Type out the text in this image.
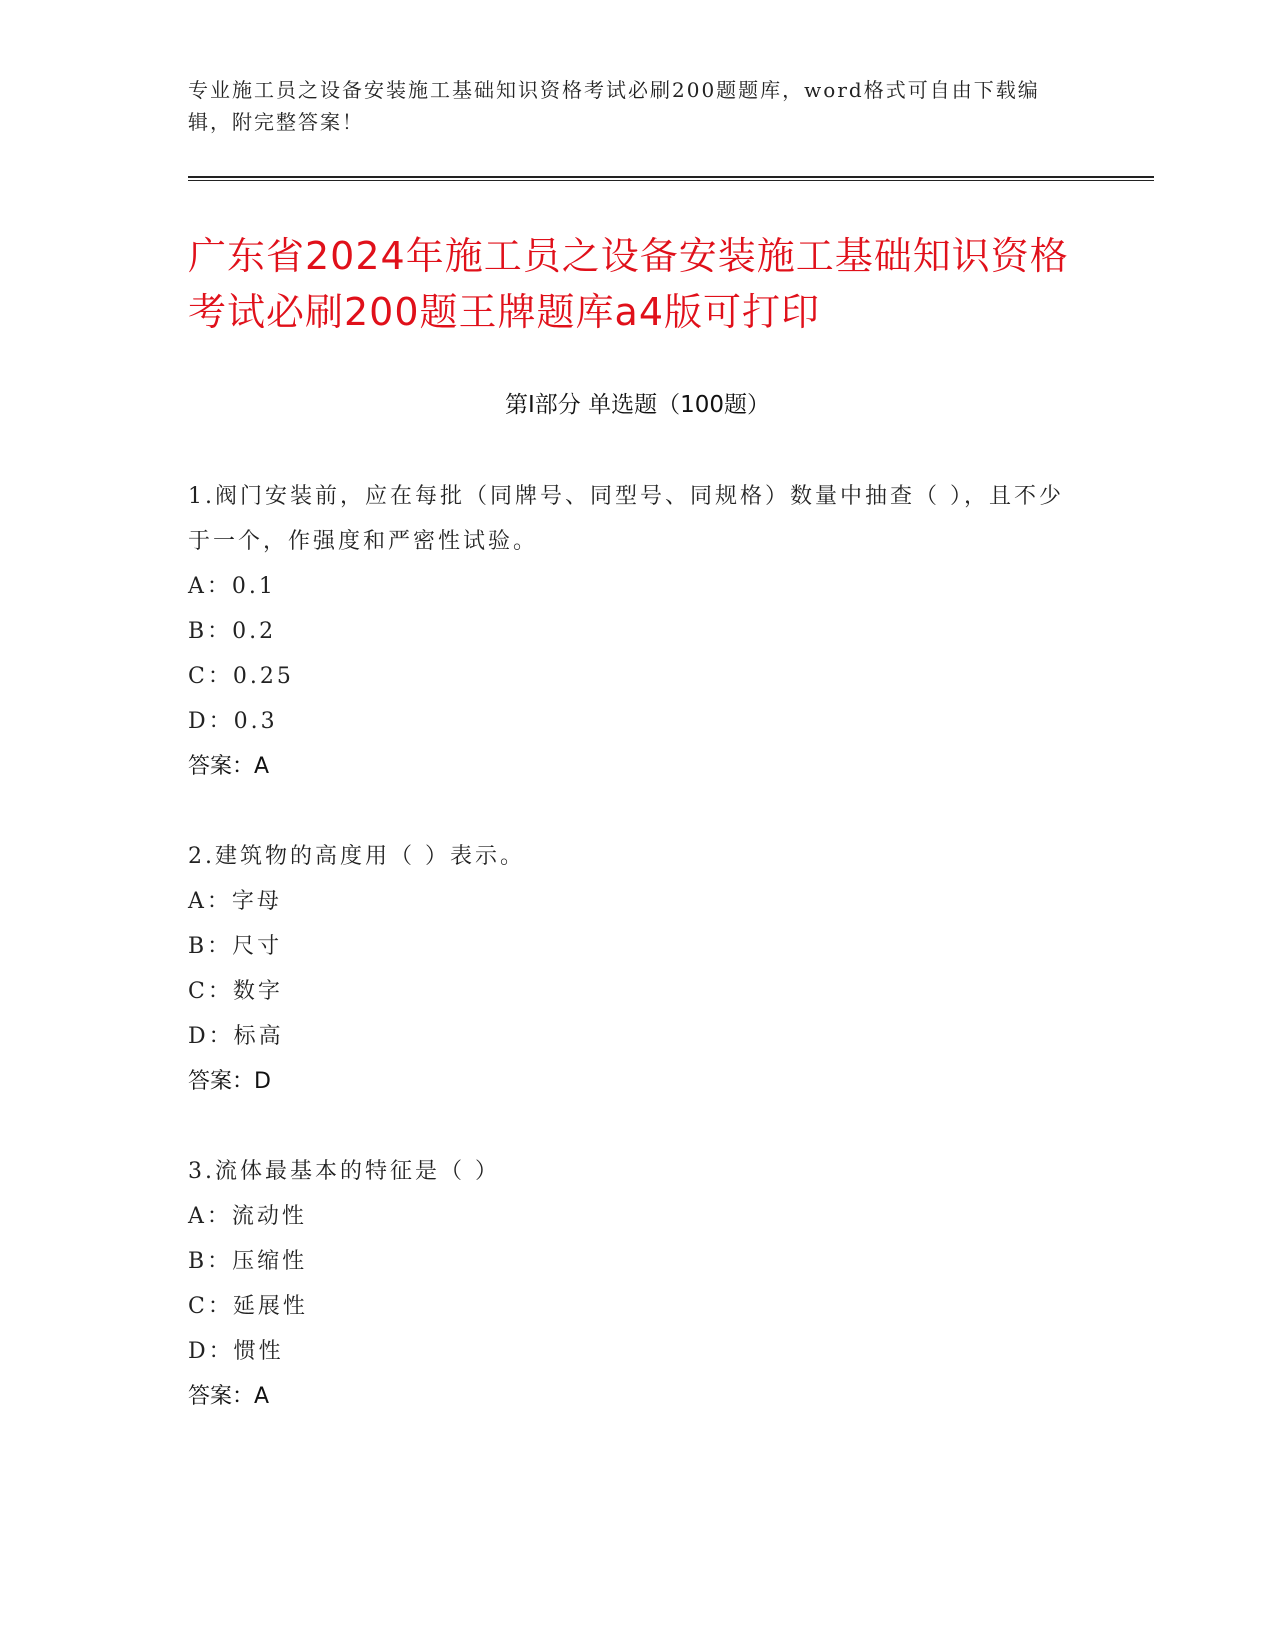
专业施工员之设备安装施工基础知识资格考试必刷200题题库，word格式可自由下载编辑，附完整答案！
广东省2024年施工员之设备安装施工基础知识资格考试必刷200题王牌题库a4版可打印
第Ⅰ部分 单选题（100题）

1.阀门安装前，应在每批（同牌号、同型号、同规格）数量中抽查（ ），且不少于一个，作强度和严密性试验。

A：0.1

B：0.2

C：0.25

D：0.3

答案：A

2.建筑物的高度用（ ）表示。

A：字母

B：尺寸

C：数字

D：标高

答案：D

3.流体最基本的特征是（ ）

A：流动性

B：压缩性

C：延展性

D：惯性

答案：A
